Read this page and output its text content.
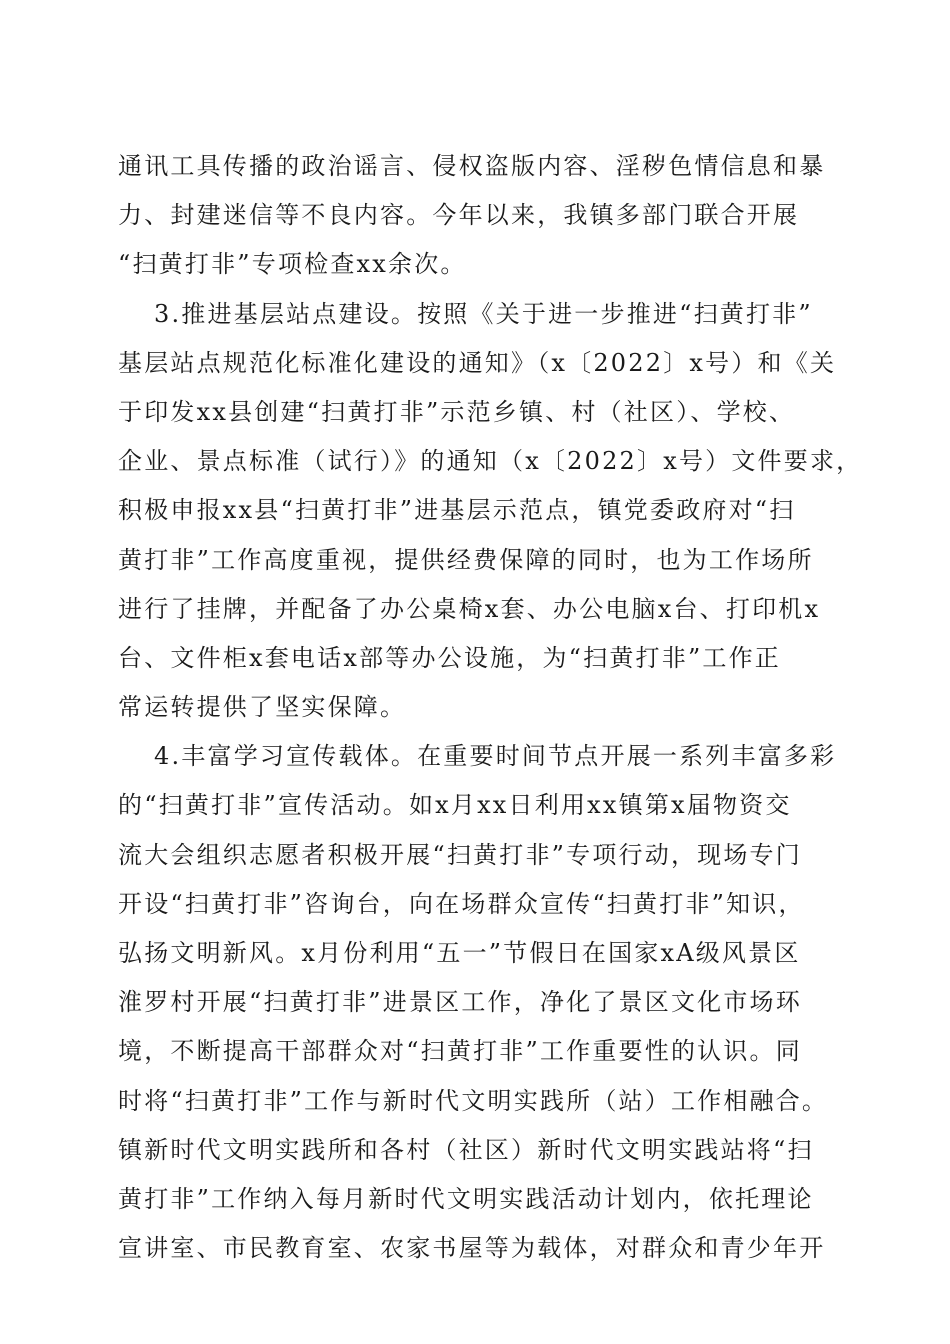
通讯工具传播的政治谣言、侵权盗版内容、淫秽色情信息和暴
力、封建迷信等不良内容。今年以来，我镇多部门联合开展
“扫黄打非”专项检查xx余次。
3.推进基层站点建设。按照《关于进一步推进“扫黄打非”
基层站点规范化标准化建设的通知》（x〔2022〕x号）和《关
于印发xx县创建“扫黄打非”示范乡镇、村（社区）、学校、
企业、景点标准（试行）》的通知（x〔2022〕x号）文件要求，
积极申报xx县“扫黄打非”进基层示范点，镇党委政府对“扫
黄打非”工作高度重视，提供经费保障的同时，也为工作场所
进行了挂牌，并配备了办公桌椅x套、办公电脑x台、打印机x
台、文件柜x套电话x部等办公设施，为“扫黄打非”工作正
常运转提供了坚实保障。
4.丰富学习宣传载体。在重要时间节点开展一系列丰富多彩
的“扫黄打非”宣传活动。如x月xx日利用xx镇第x届物资交
流大会组织志愿者积极开展“扫黄打非”专项行动，现场专门
开设“扫黄打非”咨询台，向在场群众宣传“扫黄打非”知识，
弘扬文明新风。x月份利用“五一”节假日在国家xA级风景区
淮罗村开展“扫黄打非”进景区工作，净化了景区文化市场环
境，不断提高干部群众对“扫黄打非”工作重要性的认识。同
时将“扫黄打非”工作与新时代文明实践所（站）工作相融合。
镇新时代文明实践所和各村（社区）新时代文明实践站将“扫
黄打非”工作纳入每月新时代文明实践活动计划内，依托理论
宣讲室、市民教育室、农家书屋等为载体，对群众和青少年开
